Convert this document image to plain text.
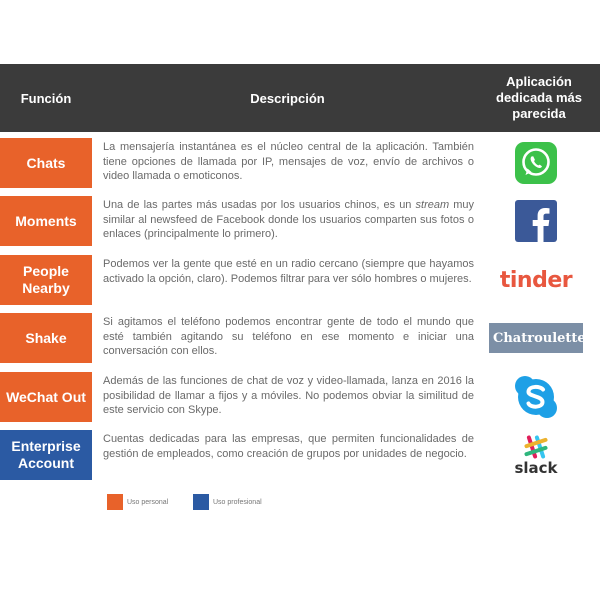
Función	Descripción
Aplicación dedicada más parecida
Chats
La mensajería instantánea es el núcleo central de la aplicación. También tiene opciones de llamada por IP, mensajes de voz, envío de archivos o video llamada o emoticonos.
Moments
Una de las partes más usadas por los usuarios chinos, es un stream muy similar al newsfeed de Facebook donde los usuarios comparten sus fotos o enlaces (principalmente lo primero).
People Nearby
Podemos ver la gente que esté en un radio cercano (siempre que hayamos activado la opción, claro). Podemos filtrar para ver sólo hombres o mujeres. tinder
Shake
Si agitamos el teléfono podemos encontrar gente de todo el mundo que esté también agitando su teléfono en ese momento e iniciar una conversación con ellos.
Chatroulette
WeChat Out
Además de las funciones de chat de voz y video-llamada, lanza en 2016 la posibilidad de llamar a fijos y a móviles. No podemos obviar la similitud de este servicio con Skype.
Enterprise Account
Cuentas dedicadas para las empresas, que permiten funcionalidades de gestión de empleados, como creación de grupos por unidades de negocio.
slack
Uso personal	Uso profesional
